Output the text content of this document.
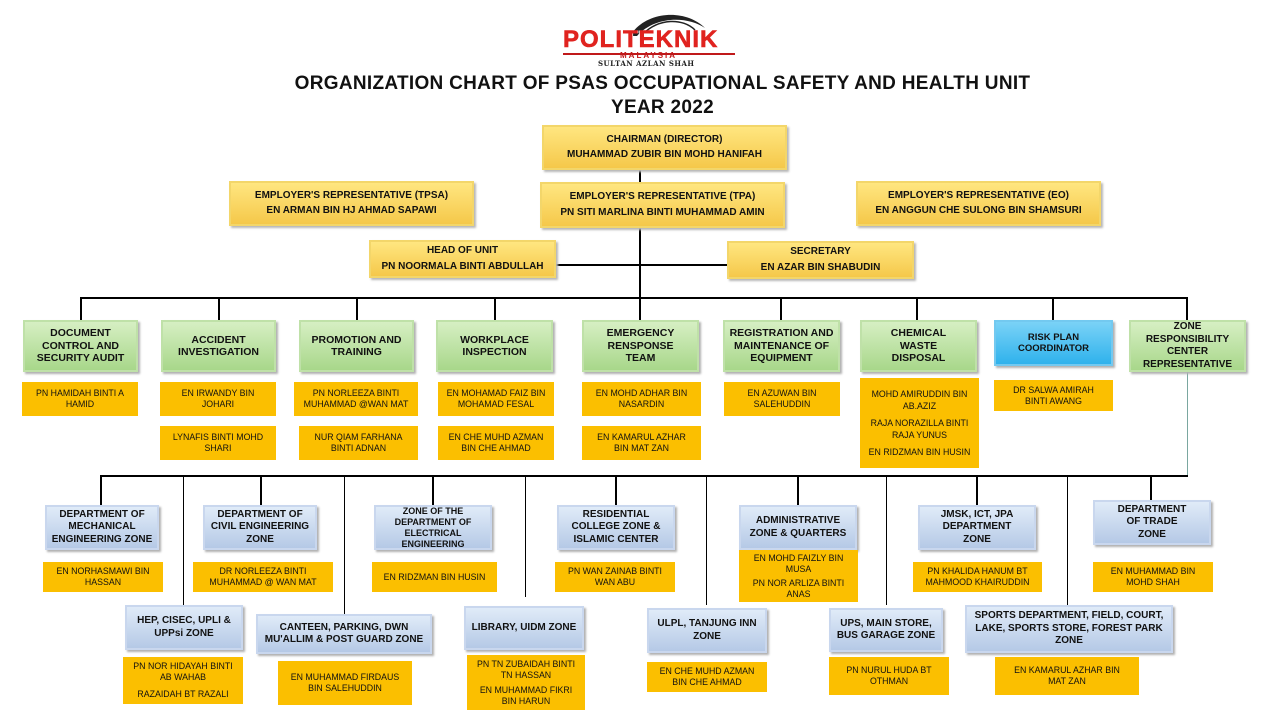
POLITEKNIK
MALAYSIA
SULTAN AZLAN SHAH
ORGANIZATION CHART OF PSAS OCCUPATIONAL SAFETY AND HEALTH UNIT
YEAR 2022
CHAIRMAN (DIRECTOR)
MUHAMMAD ZUBIR BIN MOHD HANIFAH
EMPLOYER'S REPRESENTATIVE (TPSA)
EN ARMAN BIN HJ AHMAD SAPAWI
EMPLOYER'S REPRESENTATIVE (TPA)
PN SITI MARLINA BINTI MUHAMMAD AMIN
EMPLOYER'S REPRESENTATIVE (EO)
EN ANGGUN CHE SULONG BIN SHAMSURI
HEAD OF UNIT
PN NOORMALA BINTI ABDULLAH
SECRETARY
EN AZAR BIN SHABUDIN
DOCUMENT CONTROL AND SECURITY AUDIT
ACCIDENT INVESTIGATION
PROMOTION AND TRAINING
WORKPLACE INSPECTION
EMERGENCY RENSPONSE TEAM
REGISTRATION AND MAINTENANCE OF EQUIPMENT
CHEMICAL WASTE DISPOSAL
RISK PLAN COORDINATOR
ZONE RESPONSIBILITY CENTER REPRESENTATIVE
PN HAMIDAH BINTI A
HAMID
EN IRWANDY BIN
JOHARI
LYNAFIS BINTI MOHD
SHARI
PN NORLEEZA BINTI
MUHAMMAD @WAN MAT
NUR QIAM FARHANA
BINTI ADNAN
EN MOHAMAD FAIZ BIN
MOHAMAD FESAL
EN CHE MUHD AZMAN
BIN CHE AHMAD
EN MOHD ADHAR BIN
NASARDIN
EN KAMARUL AZHAR
BIN MAT ZAN
EN AZUWAN BIN
SALEHUDDIN
MOHD AMIRUDDIN BIN
AB.AZIZ
RAJA NORAZILLA BINTI
RAJA YUNUS
EN RIDZMAN BIN HUSIN
DR SALWA AMIRAH
BINTI AWANG
DEPARTMENT OF MECHANICAL ENGINEERING ZONE
DEPARTMENT OF CIVIL ENGINEERING ZONE
ZONE OF THE DEPARTMENT OF ELECTRICAL ENGINEERING
RESIDENTIAL COLLEGE ZONE & ISLAMIC CENTER
ADMINISTRATIVE ZONE & QUARTERS
JMSK, ICT, JPA DEPARTMENT ZONE
DEPARTMENT OF TRADE ZONE
EN NORHASMAWI BIN
HASSAN
DR NORLEEZA BINTI
MUHAMMAD @ WAN MAT
EN RIDZMAN BIN HUSIN
PN WAN ZAINAB BINTI
WAN ABU
EN MOHD FAIZLY BIN
MUSA
PN NOR ARLIZA BINTI
ANAS
PN KHALIDA HANUM BT
MAHMOOD KHAIRUDDIN
EN MUHAMMAD BIN
MOHD SHAH
HEP, CISEC, UPLI & UPPsi ZONE
CANTEEN, PARKING, DWN MU'ALLIM & POST GUARD ZONE
LIBRARY, UIDM ZONE	ULPL, TANJUNG INN ZONE
UPS, MAIN STORE, BUS GARAGE ZONE
SPORTS DEPARTMENT, FIELD, COURT, LAKE, SPORTS STORE, FOREST PARK ZONE
PN NOR HIDAYAH BINTI
AB WAHAB
RAZAIDAH BT RAZALI
EN MUHAMMAD FIRDAUS
BIN SALEHUDDIN
PN TN ZUBAIDAH BINTI
TN HASSAN
EN MUHAMMAD FIKRI
BIN HARUN
EN CHE MUHD AZMAN
BIN CHE AHMAD
PN NURUL HUDA BT
OTHMAN
EN KAMARUL AZHAR BIN
MAT ZAN
